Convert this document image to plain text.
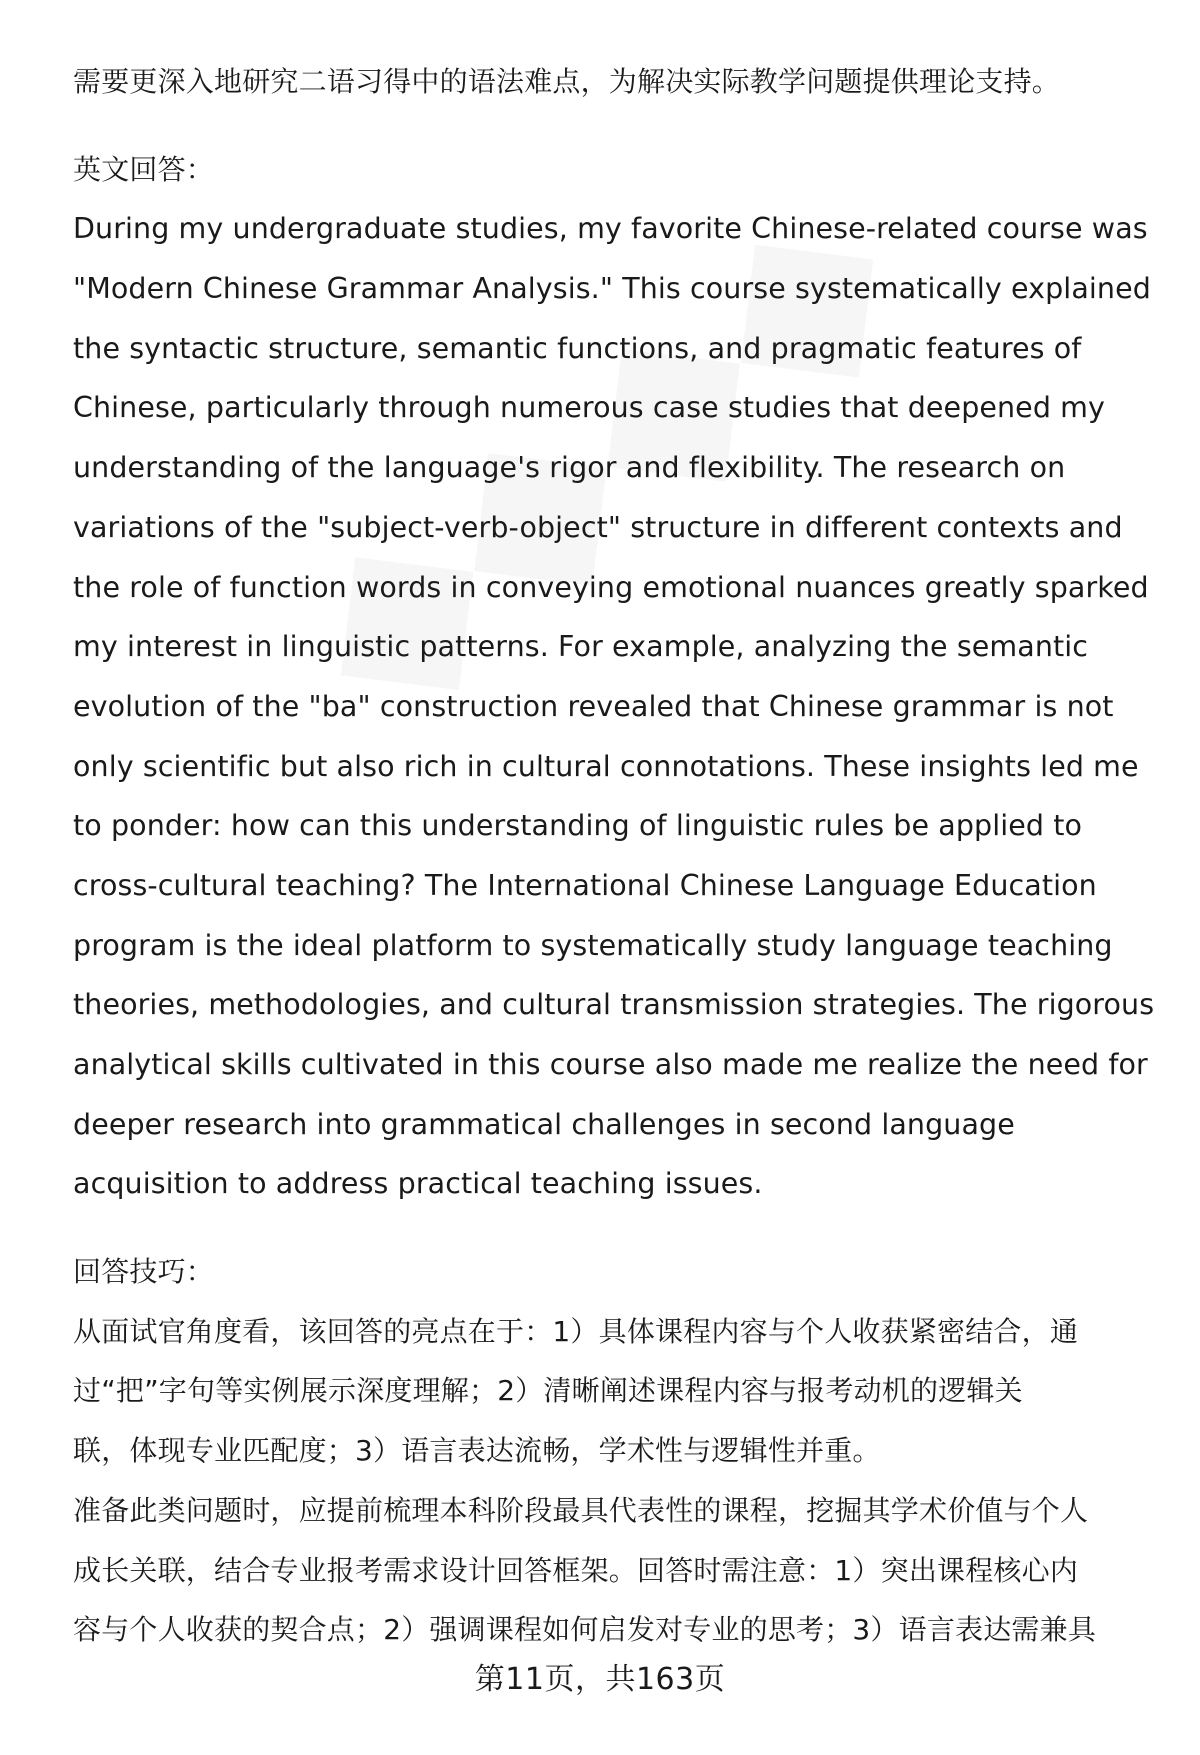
需要更深入地研究二语习得中的语法难点，为解决实际教学问题提供理论支持。
英文回答：
During my undergraduate studies, my favorite Chinese-related course was
"Modern Chinese Grammar Analysis." This course systematically explained
the syntactic structure, semantic functions, and pragmatic features of
Chinese, particularly through numerous case studies that deepened my
understanding of the language's rigor and flexibility. The research on
variations of the "subject-verb-object" structure in different contexts and
the role of function words in conveying emotional nuances greatly sparked
my interest in linguistic patterns. For example, analyzing the semantic
evolution of the "ba" construction revealed that Chinese grammar is not
only scientific but also rich in cultural connotations. These insights led me
to ponder: how can this understanding of linguistic rules be applied to
cross-cultural teaching? The International Chinese Language Education
program is the ideal platform to systematically study language teaching
theories, methodologies, and cultural transmission strategies. The rigorous
analytical skills cultivated in this course also made me realize the need for
deeper research into grammatical challenges in second language
acquisition to address practical teaching issues.
回答技巧：
从面试官角度看，该回答的亮点在于：1）具体课程内容与个人收获紧密结合，通
过“把”字句等实例展示深度理解；2）清晰阐述课程内容与报考动机的逻辑关
联，体现专业匹配度；3）语言表达流畅，学术性与逻辑性并重。
准备此类问题时，应提前梳理本科阶段最具代表性的课程，挖掘其学术价值与个人
成长关联，结合专业报考需求设计回答框架。回答时需注意：1）突出课程核心内
容与个人收获的契合点；2）强调课程如何启发对专业的思考；3）语言表达需兼具
第11页，共163页
